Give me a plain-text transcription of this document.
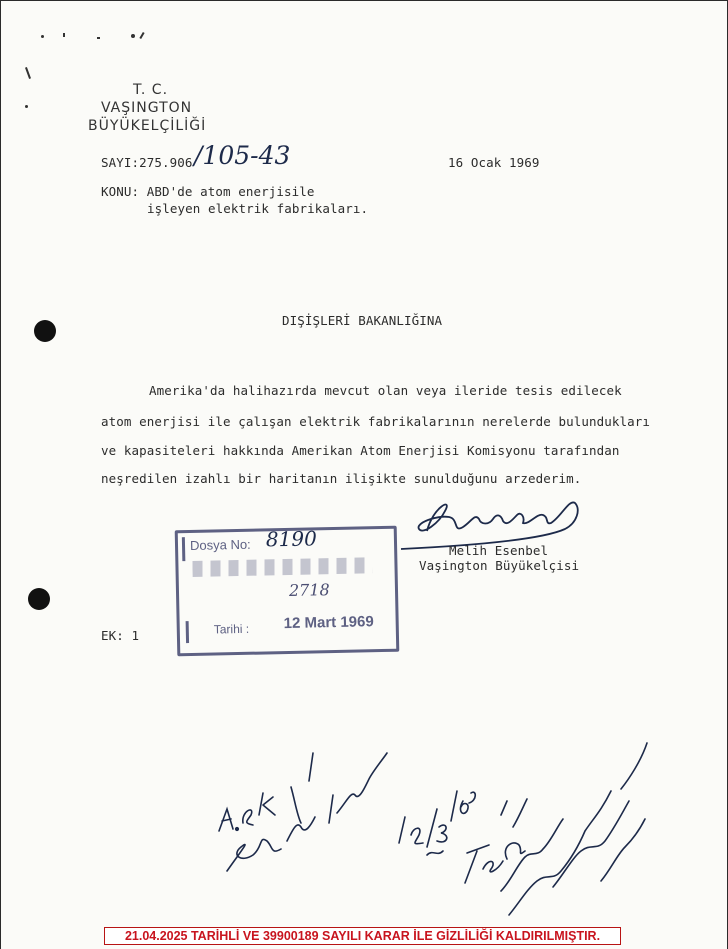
T. C.
VAŞINGTON
BÜYÜKELÇİLİĞİ
SAYI:275.906 /105-43	16 Ocak 1969
KONU: ABD'de atom enerjisile
işleyen elektrik fabrikaları.
DIŞİŞLERİ BAKANLIĞINA
Amerika'da halihazırda mevcut olan veya ileride tesis edilecek
atom enerjisi ile çalışan elektrik fabrikalarının nerelerde bulundukları
ve kapasiteleri hakkında Amerikan Atom Enerjisi Komisyonu tarafından
neşredilen izahlı bir haritanın ilişikte sunulduğunu arzederim.
Melih Esenbel
Vaşington Büyükelçisi
Dosya No: 8190
2718
Tarihi : 12 Mart 1969
EK: 1
21.04.2025 TARİHLİ VE 39900189 SAYILI KARAR İLE GİZLİLİĞİ KALDIRILMIŞTIR.
